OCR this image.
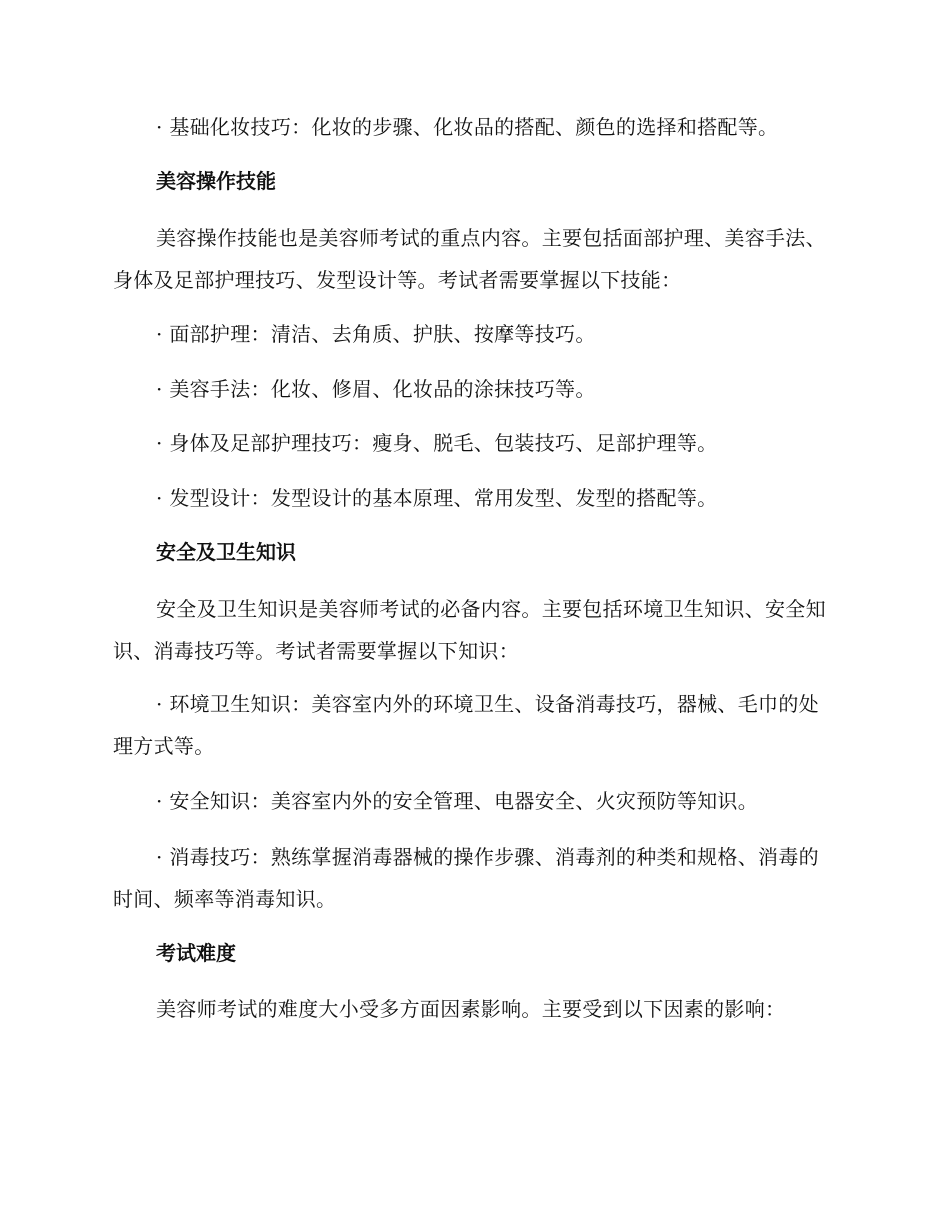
· 基础化妆技巧：化妆的步骤、化妆品的搭配、颜色的选择和搭配等。

美容操作技能

美容操作技能也是美容师考试的重点内容。主要包括面部护理、美容手法、身体及足部护理技巧、发型设计等。考试者需要掌握以下技能：

· 面部护理：清洁、去角质、护肤、按摩等技巧。

· 美容手法：化妆、修眉、化妆品的涂抹技巧等。

· 身体及足部护理技巧：瘦身、脱毛、包装技巧、足部护理等。

· 发型设计：发型设计的基本原理、常用发型、发型的搭配等。

安全及卫生知识

安全及卫生知识是美容师考试的必备内容。主要包括环境卫生知识、安全知识、消毒技巧等。考试者需要掌握以下知识：

· 环境卫生知识：美容室内外的环境卫生、设备消毒技巧，器械、毛巾的处理方式等。

· 安全知识：美容室内外的安全管理、电器安全、火灾预防等知识。

· 消毒技巧：熟练掌握消毒器械的操作步骤、消毒剂的种类和规格、消毒的时间、频率等消毒知识。

考试难度

美容师考试的难度大小受多方面因素影响。主要受到以下因素的影响：
